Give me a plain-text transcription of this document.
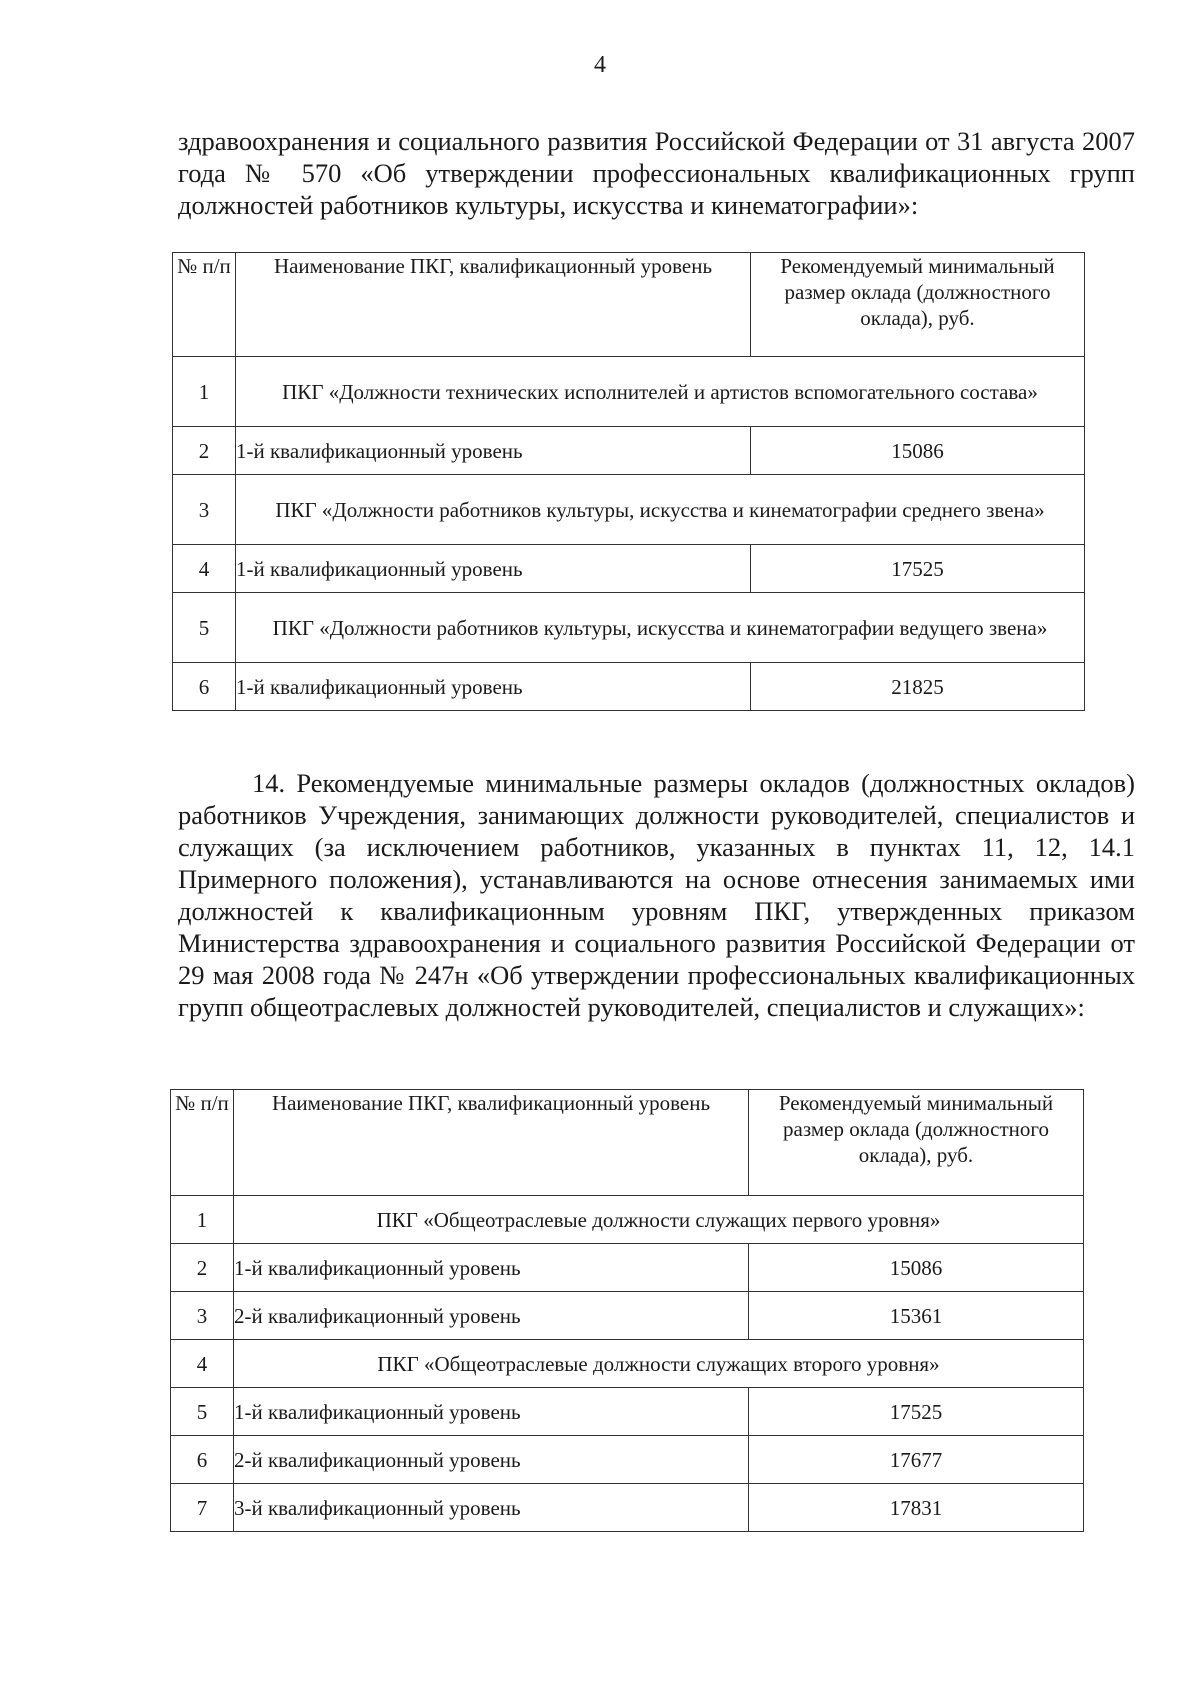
4
здравоохранения и социального развития Российской Федерации от 31 августа 2007 года № 570 «Об утверждении профессиональных квалификационных групп должностей работников культуры, искусства и кинематографии»:
№ п/п	Наименование ПКГ, квалификационный уровень	Рекомендуемый минимальный размер оклада (должностного оклада), руб.
1	ПКГ «Должности технических исполнителей и артистов вспомогательного состава»	
2	1-й квалификационный уровень	15086
3	ПКГ «Должности работников культуры, искусства и кинематографии среднего звена»	
4	1-й квалификационный уровень	17525
5	ПКГ «Должности работников культуры, искусства и кинематографии ведущего звена»	
6	1-й квалификационный уровень	21825
14. Рекомендуемые минимальные размеры окладов (должностных окладов) работников Учреждения, занимающих должности руководителей, специалистов и служащих (за исключением работников, указанных в пунктах 11, 12, 14.1 Примерного положения), устанавливаются на основе отнесения занимаемых ими должностей к квалификационным уровням ПКГ, утвержденных приказом Министерства здравоохранения и социального развития Российской Федерации от 29 мая 2008 года № 247н «Об утверждении профессиональных квалификационных групп общеотраслевых должностей руководителей, специалистов и служащих»:
№ п/п	Наименование ПКГ, квалификационный уровень	Рекомендуемый минимальный размер оклада (должностного оклада), руб.
1	ПКГ «Общеотраслевые должности служащих первого уровня»	
2	1-й квалификационный уровень	15086
3	2-й квалификационный уровень	15361
4	ПКГ «Общеотраслевые должности служащих второго уровня»	
5	1-й квалификационный уровень	17525
6	2-й квалификационный уровень	17677
7	3-й квалификационный уровень	17831
